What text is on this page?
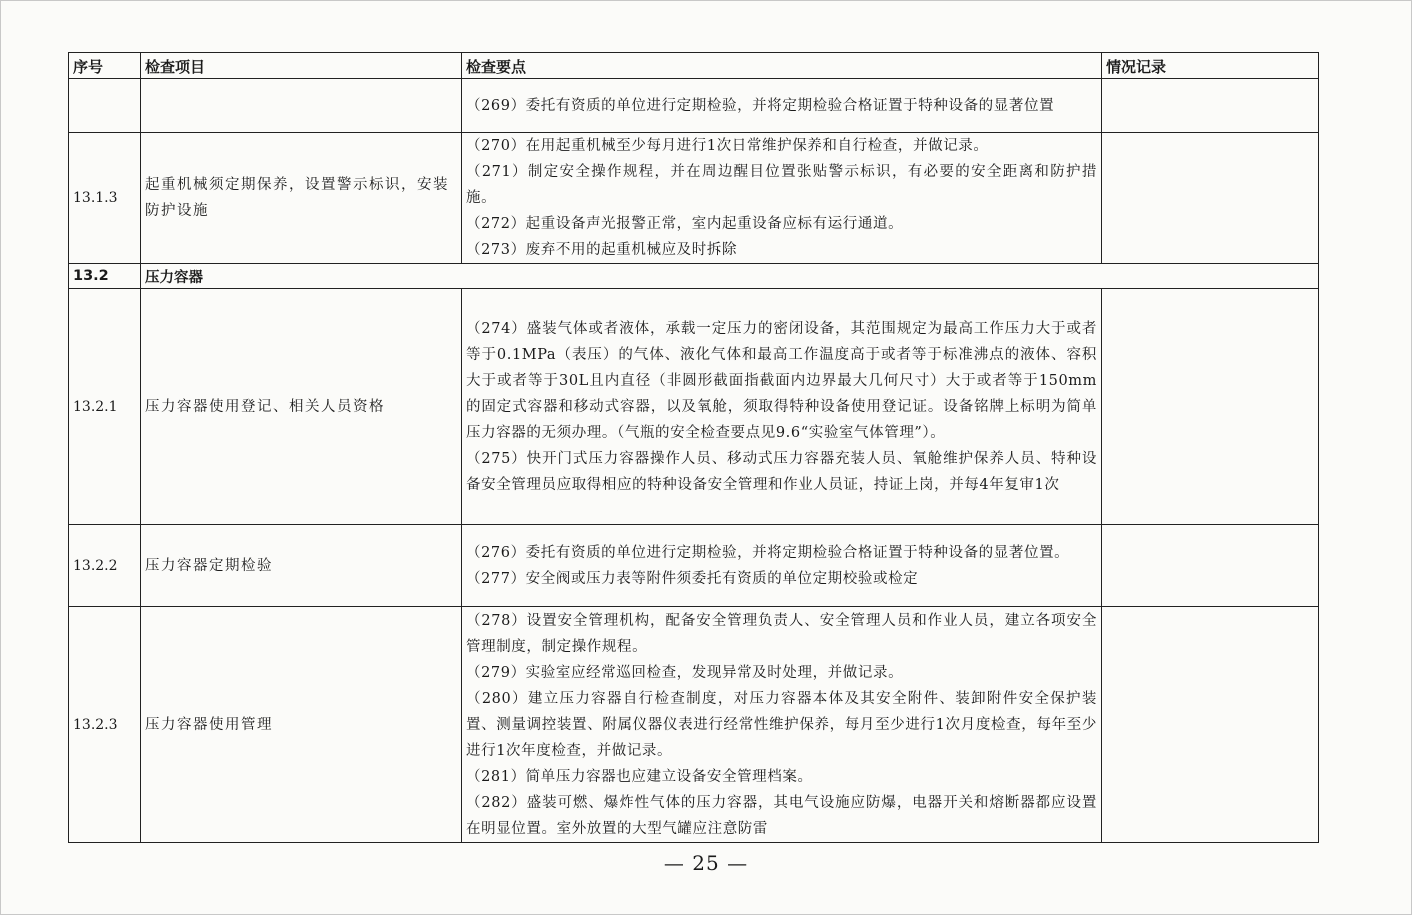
序号	检查项目	检查要点	情况记录

		（269）委托有资质的单位进行定期检验，并将定期检验合格证置于特种设备的显著位置	

13.1.3	起重机械须定期保养，设置警示标识，安装防护设施	（270）在用起重机械至少每月进行1次日常维护保养和自行检查，并做记录。
（271）制定安全操作规程，并在周边醒目位置张贴警示标识，有必要的安全距离和防护措施。
（272）起重设备声光报警正常，室内起重设备应标有运行通道。
（273）废弃不用的起重机械应及时拆除	

13.2	压力容器		
13.2.1	压力容器使用登记、相关人员资格	（274）盛装气体或者液体，承载一定压力的密闭设备，其范围规定为最高工作压力大于或者等于0.1MPa（表压）的气体、液化气体和最高工作温度高于或者等于标准沸点的液体、容积大于或者等于30L且内直径（非圆形截面指截面内边界最大几何尺寸）大于或者等于150mm的固定式容器和移动式容器，以及氧舱，须取得特种设备使用登记证。设备铭牌上标明为简单压力容器的无须办理。（气瓶的安全检查要点见9.6“实验室气体管理”）。
（275）快开门式压力容器操作人员、移动式压力容器充装人员、氧舱维护保养人员、特种设备安全管理员应取得相应的特种设备安全管理和作业人员证，持证上岗，并每4年复审1次	

13.2.2	压力容器定期检验	（276）委托有资质的单位进行定期检验，并将定期检验合格证置于特种设备的显著位置。
（277）安全阀或压力表等附件须委托有资质的单位定期校验或检定	

13.2.3	压力容器使用管理	（278）设置安全管理机构，配备安全管理负责人、安全管理人员和作业人员，建立各项安全管理制度，制定操作规程。
（279）实验室应经常巡回检查，发现异常及时处理，并做记录。
（280）建立压力容器自行检查制度，对压力容器本体及其安全附件、装卸附件安全保护装置、测量调控装置、附属仪器仪表进行经常性维护保养，每月至少进行1次月度检查，每年至少进行1次年度检查，并做记录。
（281）简单压力容器也应建立设备安全管理档案。
（282）盛装可燃、爆炸性气体的压力容器，其电气设施应防爆，电器开关和熔断器都应设置在明显位置。室外放置的大型气罐应注意防雷	

— 25 —
